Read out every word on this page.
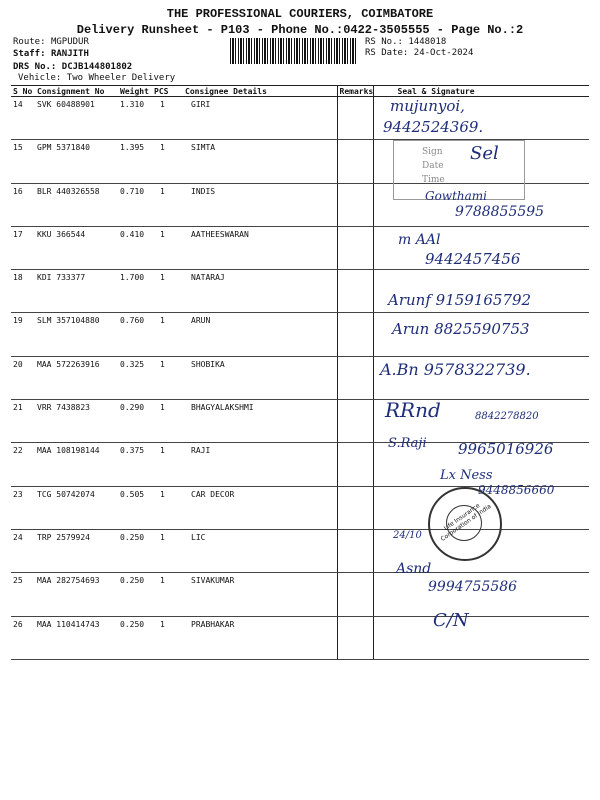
THE PROFESSIONAL COURIERS, COIMBATORE
Delivery Runsheet - P103 - Phone No.:0422-3505555 - Page No.:2
Route: MGPUDUR
Staff: RANJITH
DRS No.: DCJB144801802
Vehicle: Two Wheeler Delivery
RS No.: 1448018
RS Date: 24-Oct-2024
S No	Consignment No	Weight	PCS	Consignee Details	Remarks	Seal & Signature
14	SVK 60488901	1.310	1	GIRI		
15	GPM 5371840	1.395	1	SIMTA		
16	BLR 440326558	0.710	1	INDIS		
17	KKU 366544	0.410	1	AATHEESWARAN		
18	KDI 733377	1.700	1	NATARAJ		
19	SLM 357104880	0.760	1	ARUN		
20	MAA 572263916	0.325	1	SHOBIKA		
21	VRR 7438823	0.290	1	BHAGYALAKSHMI		
22	MAA 108198144	0.375	1	RAJI		
23	TCG 50742074	0.505	1	CAR DECOR		
24	TRP 2579924	0.250	1	LIC		
25	MAA 282754693	0.250	1	SIVAKUMAR		
26	MAA 110414743	0.250	1	PRABHAKAR		
Sign
Date
Time
Sel
Life Insurance Corporation of India
mujunyoi,
9442524369.
Gowthami
9788855595
m AAl
9442457456
Arunf 9159165792
Arun 8825590753
A.Bn 9578322739.
RRnd	8842278820
S.Raji 9965016926
Lx Ness
9448856660
24/10
Asnd
9994755586
C/N
